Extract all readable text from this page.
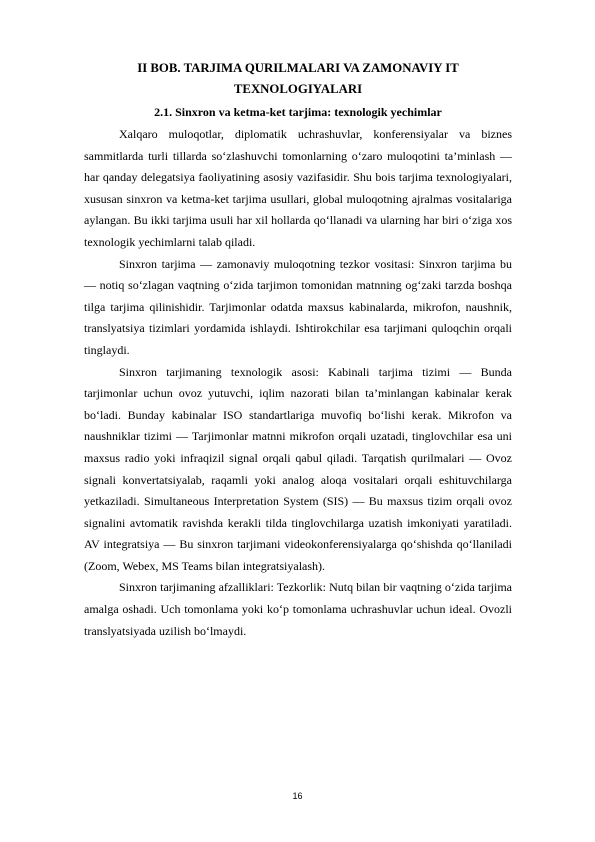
II BOB. TARJIMA QURILMALARI VA ZAMONAVIY IT TEXNOLOGIYALARI
2.1. Sinxron va ketma-ket tarjima: texnologik yechimlar

Xalqaro muloqotlar, diplomatik uchrashuvlar, konferensiyalar va biznes sammitlarda turli tillarda so‘zlashuvchi tomonlarning o‘zaro muloqotini ta’minlash — har qanday delegatsiya faoliyatining asosiy vazifasidir. Shu bois tarjima texnologiyalari, xususan sinxron va ketma-ket tarjima usullari, global muloqotning ajralmas vositalariga aylangan. Bu ikki tarjima usuli har xil hollarda qo‘llanadi va ularning har biri o‘ziga xos texnologik yechimlarni talab qiladi.

Sinxron tarjima — zamonaviy muloqotning tezkor vositasi: Sinxron tarjima bu — notiq so‘zlagan vaqtning o‘zida tarjimon tomonidan matnning og‘zaki tarzda boshqa tilga tarjima qilinishidir. Tarjimonlar odatda maxsus kabinalarda, mikrofon, naushnik, translyatsiya tizimlari yordamida ishlaydi. Ishtirokchilar esa tarjimani quloqchin orqali tinglaydi.

Sinxron tarjimaning texnologik asosi: Kabinali tarjima tizimi — Bunda tarjimonlar uchun ovoz yutuvchi, iqlim nazorati bilan ta’minlangan kabinalar kerak bo‘ladi. Bunday kabinalar ISO standartlariga muvofiq bo‘lishi kerak. Mikrofon va naushniklar tizimi — Tarjimonlar matnni mikrofon orqali uzatadi, tinglovchilar esa uni maxsus radio yoki infraqizil signal orqali qabul qiladi. Tarqatish qurilmalari — Ovoz signali konvertatsiyalab, raqamli yoki analog aloqa vositalari orqali eshituvchilarga yetkaziladi. Simultaneous Interpretation System (SIS) — Bu maxsus tizim orqali ovoz signalini avtomatik ravishda kerakli tilda tinglovchilarga uzatish imkoniyati yaratiladi. AV integratsiya — Bu sinxron tarjimani videokonferensiyalarga qo‘shishda qo‘llaniladi (Zoom, Webex, MS Teams bilan integratsiyalash).

Sinxron tarjimaning afzalliklari: Tezkorlik: Nutq bilan bir vaqtning o‘zida tarjima amalga oshadi. Uch tomonlama yoki ko‘p tomonlama uchrashuvlar uchun ideal. Ovozli translyatsiyada uzilish bo‘lmaydi.

16
